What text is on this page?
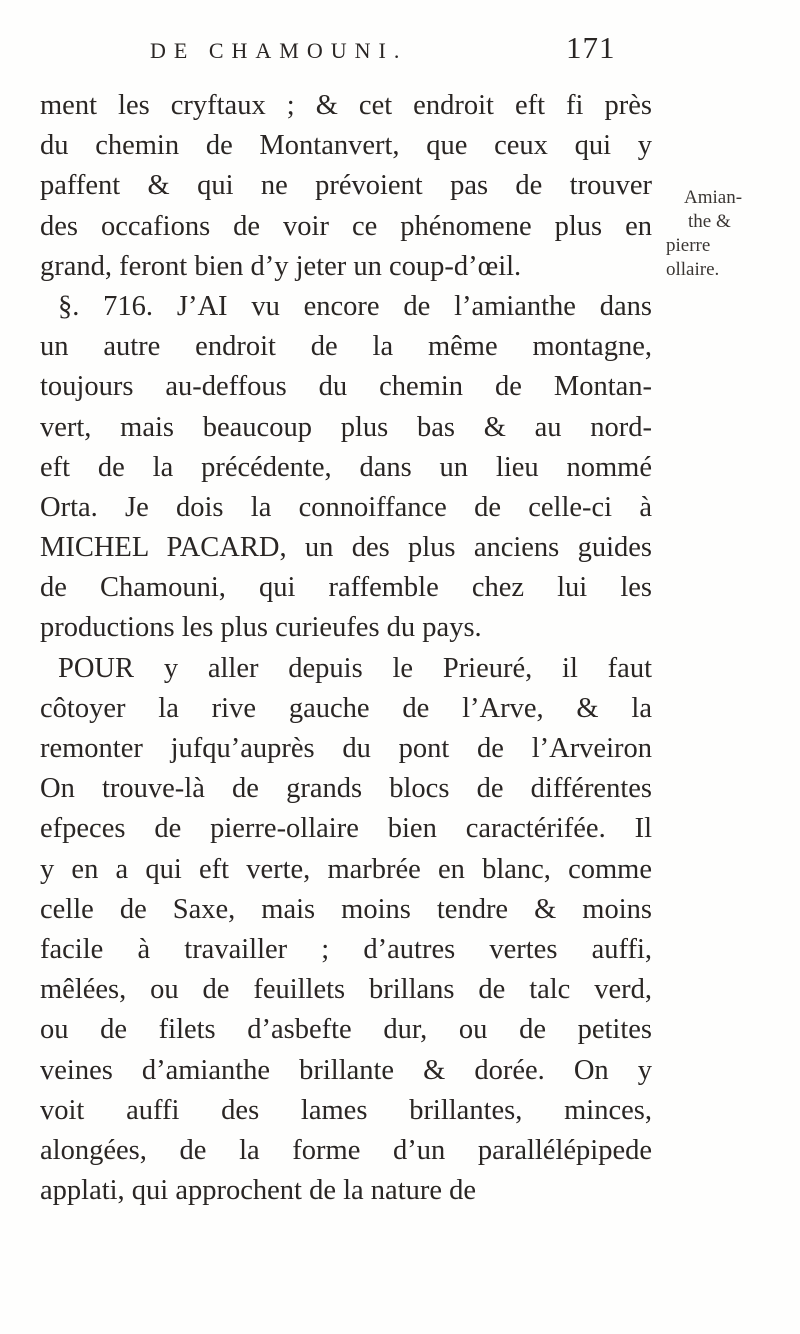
DE CHAMOUNI.	171
ment les cryftaux ; & cet endroit eft fi près
du chemin de Montanvert, que ceux qui y
paffent & qui ne prévoient pas de trouver
des occafions de voir ce phénomene plus en
grand, feront bien d’y jeter un coup-d’œil.
§. 716. J’AI vu encore de l’amianthe dans
un autre endroit de la même montagne,
toujours au-deffous du chemin de Montan-
vert, mais beaucoup plus bas & au nord-
eft de la précédente, dans un lieu nommé
Orta. Je dois la connoiffance de celle-ci à
MICHEL PACARD, un des plus anciens guides
de Chamouni, qui raffemble chez lui les
productions les plus curieufes du pays.
POUR y aller depuis le Prieuré, il faut
côtoyer la rive gauche de l’Arve, & la
remonter jufqu’auprès du pont de l’Arveiron
On trouve-là de grands blocs de différentes
efpeces de pierre-ollaire bien caractérifée. Il
y en a qui eft verte, marbrée en blanc, comme
celle de Saxe, mais moins tendre & moins
facile à travailler ; d’autres vertes auffi,
mêlées, ou de feuillets brillans de talc verd,
ou de filets d’asbefte dur, ou de petites
veines d’amianthe brillante & dorée. On y
voit auffi des lames brillantes, minces,
alongées, de la forme d’un parallélépipede
applati, qui approchent de la nature de
Amian-
the &
pierre
ollaire.
